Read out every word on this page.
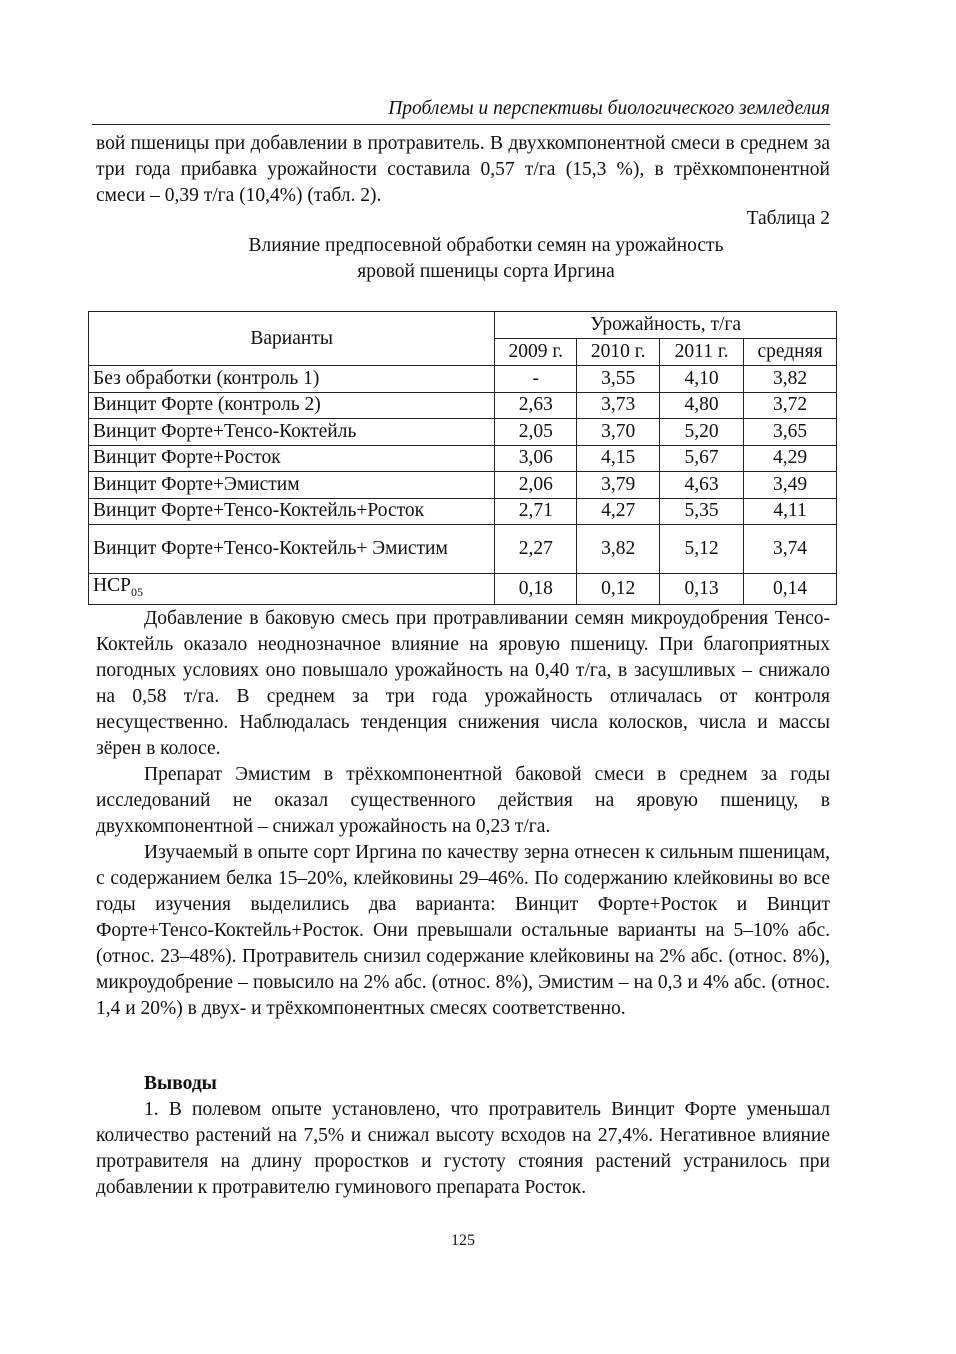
Проблемы и перспективы биологического земледелия

вой пшеницы при добавлении в протравитель. В двухкомпонентной смеси в среднем за три года прибавка урожайности составила 0,57 т/га (15,3 %), в трёхкомпонентной смеси – 0,39 т/га (10,4%) (табл. 2).

Таблица 2
Влияние предпосевной обработки семян на урожайность
яровой пшеницы сорта Иргина
Варианты	Урожайность, т/га			
	2009 г.	2010 г.	2011 г.	средняя
Без обработки (контроль 1)	-	3,55	4,10	3,82
Винцит Форте (контроль 2)	2,63	3,73	4,80	3,72
Винцит Форте+Тенсо-Коктейль	2,05	3,70	5,20	3,65
Винцит Форте+Росток	3,06	4,15	5,67	4,29
Винцит Форте+Эмистим	2,06	3,79	4,63	3,49
Винцит Форте+Тенсо-Коктейль+Росток	2,71	4,27	5,35	4,11
Винцит Форте+Тенсо-Коктейль+ Эмистим	2,27	3,82	5,12	3,74
$НСР_{05}$	0,18	0,12	0,13	0,14

Добавление в баковую смесь при протравливании семян микроудобрения Тенсо-Коктейль оказало неоднозначное влияние на яровую пшеницу. При благоприятных погодных условиях оно повышало урожайность на 0,40 т/га, в засушливых – снижало на 0,58 т/га. В среднем за три года урожайность отличалась от контроля несущественно. Наблюдалась тенденция снижения числа колосков, числа и массы зёрен в колосе.

Препарат Эмистим в трёхкомпонентной баковой смеси в среднем за годы исследований не оказал существенного действия на яровую пшеницу, в двухкомпонентной – снижал урожайность на 0,23 т/га.

Изучаемый в опыте сорт Иргина по качеству зерна отнесен к сильным пшеницам, с содержанием белка 15–20%, клейковины 29–46%. По содержанию клейковины во все годы изучения выделились два варианта: Винцит Форте+Росток и Винцит Форте+Тенсо-Коктейль+Росток. Они превышали остальные варианты на 5–10% абс. (относ. 23–48%). Протравитель снизил содержание клейковины на 2% абс. (относ. 8%), микроудобрение – повысило на 2% абс. (относ. 8%), Эмистим – на 0,3 и 4% абс. (относ. 1,4 и 20%) в двух- и трёхкомпонентных смесях соответственно.

Выводы

1. В полевом опыте установлено, что протравитель Винцит Форте уменьшал количество растений на 7,5% и снижал высоту всходов на 27,4%. Негативное влияние протравителя на длину проростков и густоту стояния растений устранилось при добавлении к протравителю гуминового препарата Росток.

125
